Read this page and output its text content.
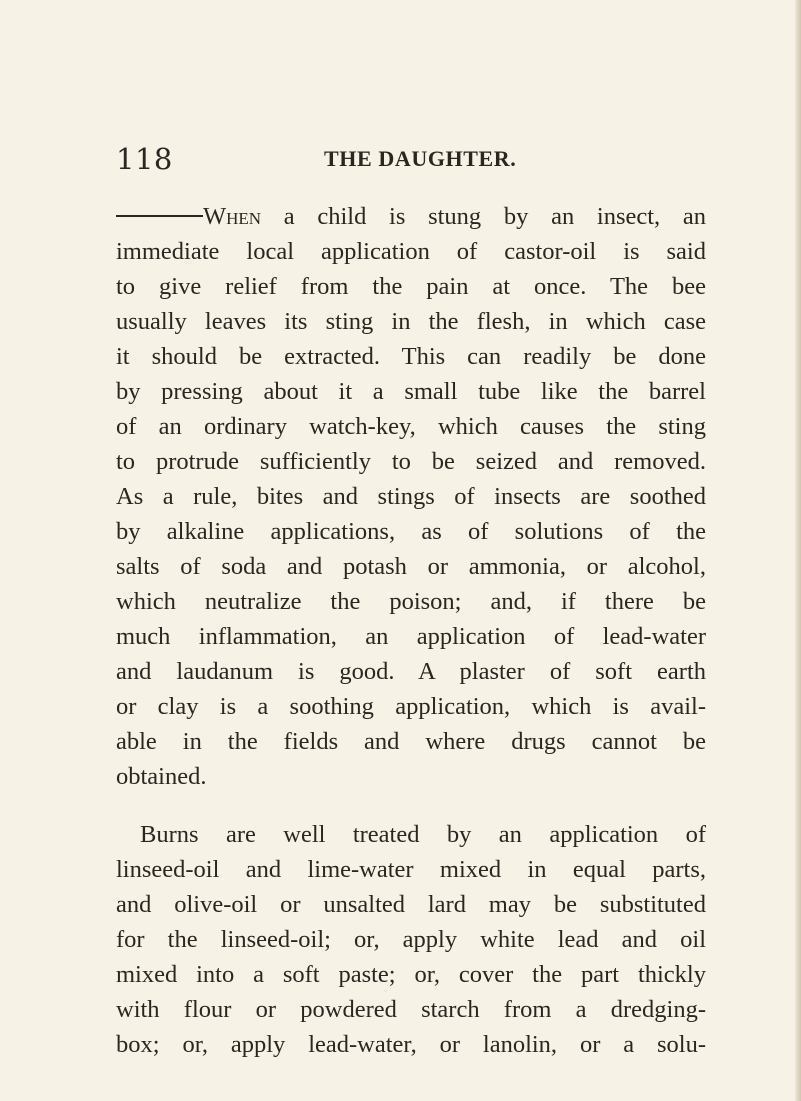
118	THE DAUGHTER.
When a child is stung by an insect, an
immediate local application of castor-oil is said
to give relief from the pain at once. The bee
usually leaves its sting in the flesh, in which case
it should be extracted. This can readily be done
by pressing about it a small tube like the barrel
of an ordinary watch-key, which causes the sting
to protrude sufficiently to be seized and removed.
As a rule, bites and stings of insects are soothed
by alkaline applications, as of solutions of the
salts of soda and potash or ammonia, or alcohol,
which neutralize the poison; and, if there be
much inflammation, an application of lead-water
and laudanum is good. A plaster of soft earth
or clay is a soothing application, which is avail-
able in the fields and where drugs cannot be
obtained.
Burns are well treated by an application of
linseed-oil and lime-water mixed in equal parts,
and olive-oil or unsalted lard may be substituted
for the linseed-oil; or, apply white lead and oil
mixed into a soft paste; or, cover the part thickly
with flour or powdered starch from a dredging-
box; or, apply lead-water, or lanolin, or a solu-
